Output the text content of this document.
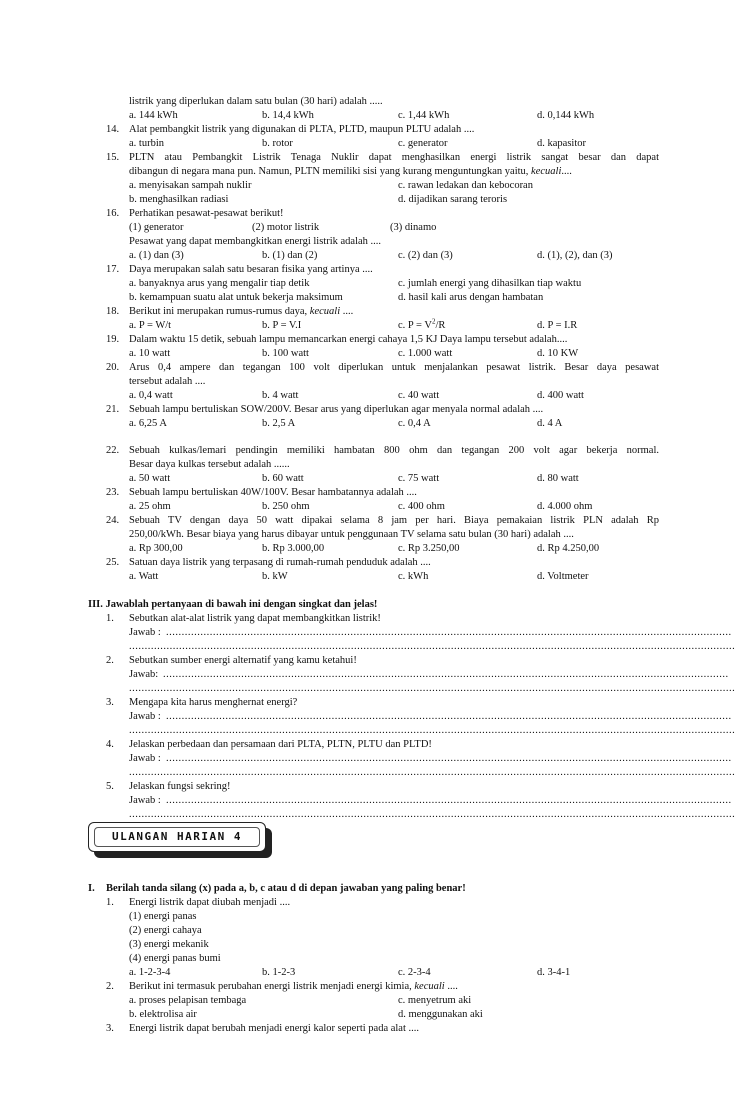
listrik yang diperlukan dalam satu bulan (30 hari) adalah .....
a. 144 kWh	b. 14,4 kWh	c. 1,44 kWh	d. 0,144 kWh
14. Alat pembangkit listrik yang digunakan di PLTA, PLTD, maupun PLTU adalah ....
a. turbin	b. rotor	c. generator	d. kapasitor
15. PLTN atau Pembangkit Listrik Tenaga Nuklir dapat menghasilkan energi listrik sangat besar dan dapat
dibangun di negara mana pun. Namun, PLTN memiliki sisi yang kurang menguntungkan yaitu, kecuali....
a. menyisakan sampah nuklir	c. rawan ledakan dan kebocoran
b. menghasilkan radiasi	d. dijadikan sarang teroris
16. Perhatikan pesawat-pesawat berikut!
(1) generator	(2) motor listrik	(3) dinamo
Pesawat yang dapat membangkitkan energi listrik adalah ....
a. (1) dan (3)	b. (1) dan (2)	c. (2) dan (3)	d. (1), (2), dan (3)
17. Daya merupakan salah satu besaran fisika yang artinya ....
a. banyaknya arus yang mengalir tiap detik	c. jumlah energi yang dihasilkan tiap waktu
b. kemampuan suatu alat untuk bekerja maksimum	d. hasil kali arus dengan hambatan
18. Berikut ini merupakan rumus-rumus daya, kecuali ....
a. P = W/t	b. P = V.I	c. $P = V^2/R$	d. P = I.R
19. Dalam waktu 15 detik, sebuah lampu memancarkan energi cahaya 1,5 KJ Daya lampu tersebut adalah....
a. 10 watt	b. 100 watt	c. 1.000 watt	d. 10 KW
20. Arus 0,4 ampere dan tegangan 100 volt diperlukan untuk menjalankan pesawat listrik. Besar daya pesawat
tersebut adalah ....
a. 0,4 watt	b. 4 watt	c. 40 watt	d. 400 watt
21. Sebuah lampu bertuliskan SOW/200V. Besar arus yang diperlukan agar menyala normal adalah ....
a. 6,25 A	b. 2,5 A	c. 0,4 A	d. 4 A
22. Sebuah kulkas/lemari pendingin memiliki hambatan 800 ohm dan tegangan 200 volt agar bekerja normal.
Besar daya kulkas tersebut adalah ......
a. 50 watt	b. 60 watt	c. 75 watt	d. 80 watt
23. Sebuah lampu bertuliskan 40W/100V. Besar hambatannya adalah ....
a. 25 ohm	b. 250 ohm	c. 400 ohm	d. 4.000 ohm
24. Sebuah TV dengan daya 50 watt dipakai selama 8 jam per hari. Biaya pemakaian listrik PLN adalah Rp
250,00/kWh. Besar biaya yang harus dibayar untuk penggunaan TV selama satu bulan (30 hari) adalah ....
a. Rp 300,00	b. Rp 3.000,00	c. Rp 3.250,00	d. Rp 4.250,00
25. Satuan daya listrik yang terpasang di rumah-rumah penduduk adalah ....
a. Watt	b. kW	c. kWh	d. Voltmeter
III. Jawablah pertanyaan di bawah ini dengan singkat dan jelas!
1. Sebutkan alat-alat listrik yang dapat membangkitkan listrik!
Jawab : .....................................................................................................................................................................................
..................................................................................................................................................................................................
2. Sebutkan sumber energi alternatif yang kamu ketahui!
Jawab: .....................................................................................................................................................................................
..................................................................................................................................................................................................
3. Mengapa kita harus menghernat energi?
Jawab : .....................................................................................................................................................................................
..................................................................................................................................................................................................
4. Jelaskan perbedaan dan persamaan dari PLTA, PLTN, PLTU dan PLTD!
Jawab : .....................................................................................................................................................................................
..................................................................................................................................................................................................
5. Jelaskan fungsi sekring!
Jawab : .....................................................................................................................................................................................
..................................................................................................................................................................................................
ULANGAN HARIAN 4
I. Berilah tanda silang (x) pada a, b, c atau d di depan jawaban yang paling benar!
1. Energi listrik dapat diubah menjadi ....
(1) energi panas
(2) energi cahaya
(3) energi mekanik
(4) energi panas bumi
a. 1-2-3-4	b. 1-2-3	c. 2-3-4	d. 3-4-1
2. Berikut ini termasuk perubahan energi listrik menjadi energi kimia, kecuali ....
a. proses pelapisan tembaga	c. menyetrum aki
b. elektrolisa air	d. menggunakan aki
3. Energi listrik dapat berubah menjadi energi kalor seperti pada alat ....
